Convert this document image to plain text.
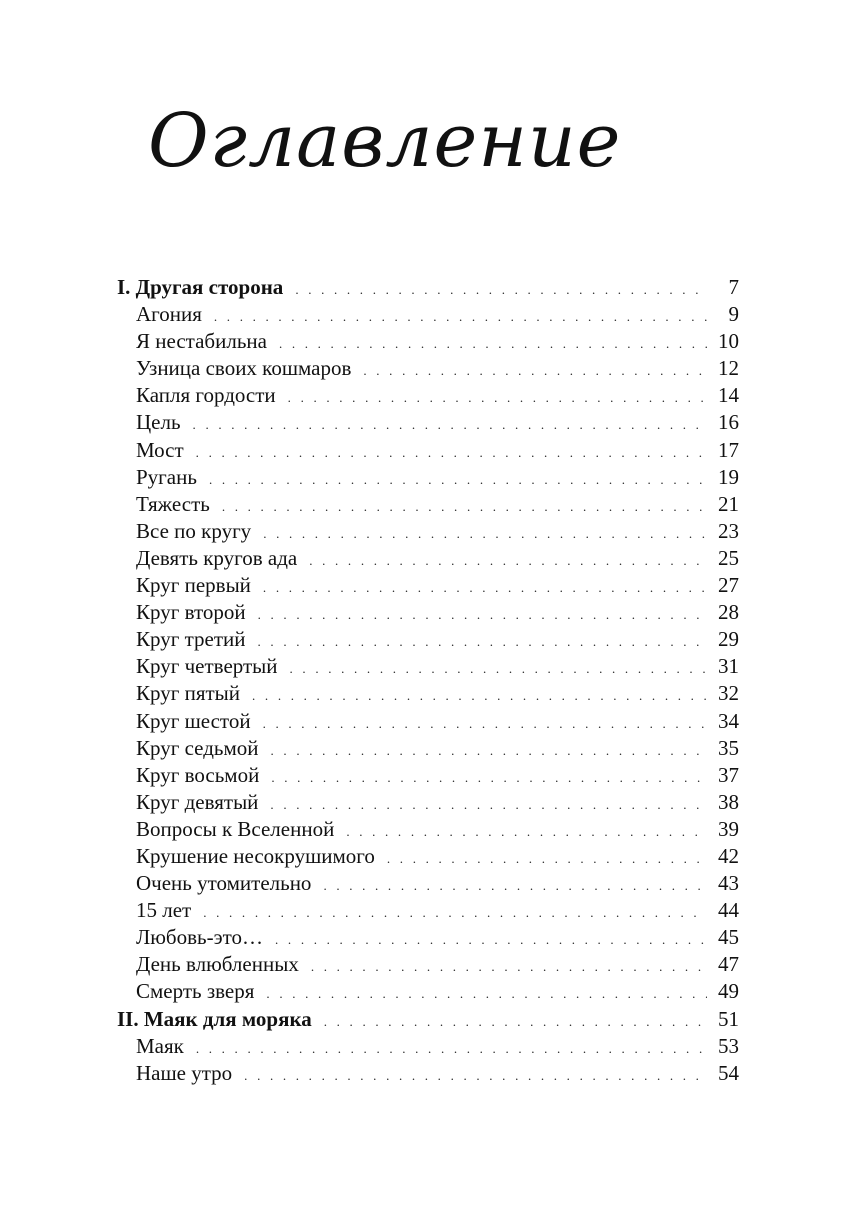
Оглавление
I. Другая сторона . . .	7
Агония . . .	9
Я нестабильна . . .	10
Узница своих кошмаров . . .	12
Капля гордости . . .	14
Цель . . .	16
Мост . . .	17
Ругань . . .	19
Тяжесть . . .	21
Все по кругу . . .	23
Девять кругов ада . . .	25
Круг первый . . .	27
Круг второй . . .	28
Круг третий . . .	29
Круг четвертый . . .	31
Круг пятый . . .	32
Круг шестой . . .	34
Круг седьмой . . .	35
Круг восьмой . . .	37
Круг девятый . . .	38
Вопросы к Вселенной . . .	39
Крушение несокрушимого . . .	42
Очень утомительно . . .	43
15 лет . . .	44
Любовь-это… . . .	45
День влюбленных . . .	47
Смерть зверя . . .	49
II. Маяк для моряка . . .	51
Маяк . . .	53
Наше утро . . .	54
